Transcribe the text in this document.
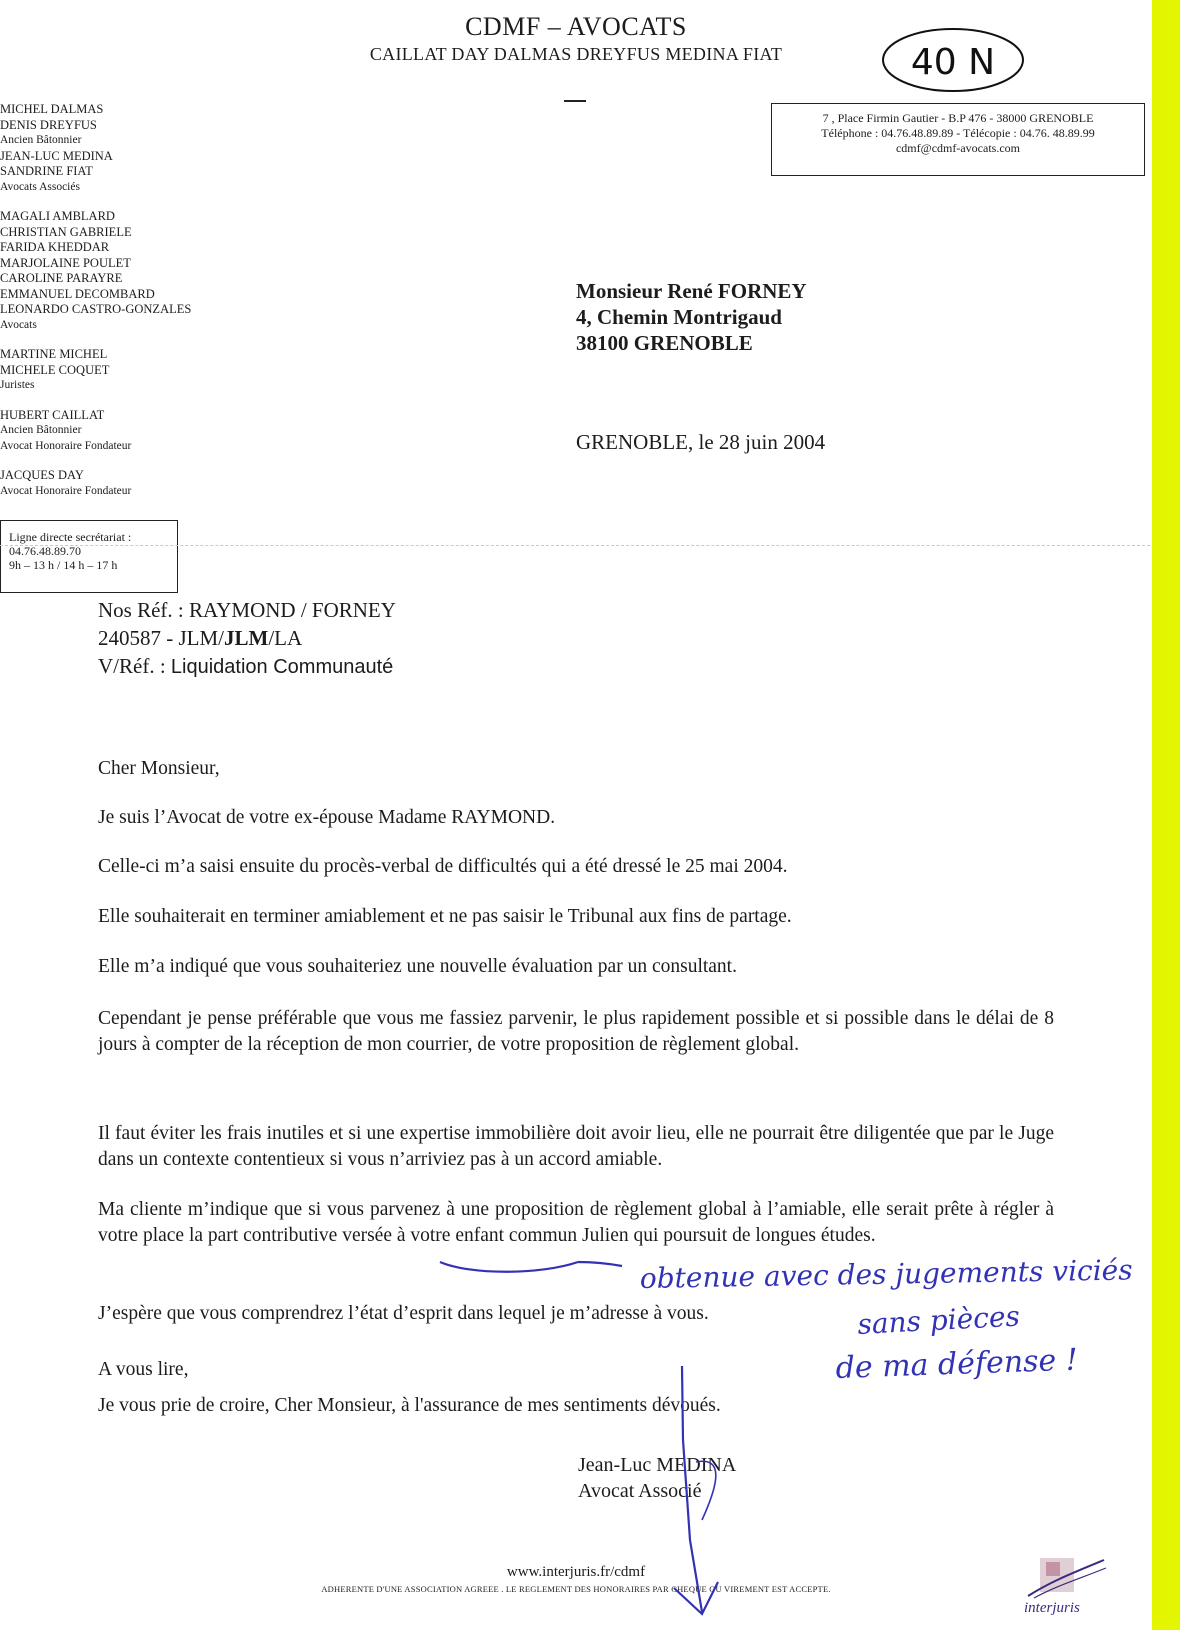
CDMF – AVOCATS
CAILLAT DAY DALMAS DREYFUS MEDINA FIAT	40 N
7 , Place Firmin Gautier - B.P 476 - 38000 GRENOBLE
Téléphone : 04.76.48.89.89 - Télécopie : 04.76. 48.89.99
cdmf@cdmf-avocats.com
MICHEL DALMAS
DENIS DREYFUS
Ancien Bâtonnier
JEAN-LUC MEDINA
SANDRINE FIAT
Avocats Associés
MAGALI AMBLARD
CHRISTIAN GABRIELE
FARIDA KHEDDAR
MARJOLAINE POULET
CAROLINE PARAYRE
EMMANUEL DECOMBARD
LEONARDO CASTRO-GONZALES
Avocats
MARTINE MICHEL
MICHELE COQUET
Juristes
HUBERT CAILLAT
Ancien Bâtonnier
Avocat Honoraire Fondateur
JACQUES DAY
Avocat Honoraire Fondateur
Ligne directe secrétariat :
04.76.48.89.70
9h – 13 h / 14 h – 17 h
Monsieur René FORNEY
4, Chemin Montrigaud
38100 GRENOBLE
GRENOBLE, le 28 juin 2004
Nos Réf. : RAYMOND / FORNEY
240587 - JLM/JLM/LA
V/Réf. : Liquidation Communauté

Cher Monsieur,

Je suis l’Avocat de votre ex-épouse Madame RAYMOND.

Celle-ci m’a saisi ensuite du procès-verbal de difficultés qui a été dressé le 25 mai 2004.

Elle souhaiterait en terminer amiablement et ne pas saisir le Tribunal aux fins de partage.

Elle m’a indiqué que vous souhaiteriez une nouvelle évaluation par un consultant.

Cependant je pense préférable que vous me fassiez parvenir, le plus rapidement possible et si possible dans le délai de 8 jours à compter de la réception de mon courrier, de votre proposition de règlement global.

Il faut éviter les frais inutiles et si une expertise immobilière doit avoir lieu, elle ne pourrait être diligentée que par le Juge dans un contexte contentieux si vous n’arriviez pas à un accord amiable.

Ma cliente m’indique que si vous parvenez à une proposition de règlement global à l’amiable, elle serait prête à régler à votre place la part contributive versée à votre enfant commun Julien qui poursuit de longues études.

J’espère que vous comprendrez l’état d’esprit dans lequel je m’adresse à vous.

A vous lire,

Je vous prie de croire, Cher Monsieur, à l'assurance de mes sentiments dévoués.

Jean-Luc MEDINA
Avocat Associé
www.interjuris.fr/cdmf
ADHERENTE D'UNE ASSOCIATION AGREEE . LE REGLEMENT DES HONORAIRES PAR CHEQUE OU VIREMENT EST ACCEPTE.
interjuris
obtenue avec des jugements viciés
sans pièces
de ma défense !
